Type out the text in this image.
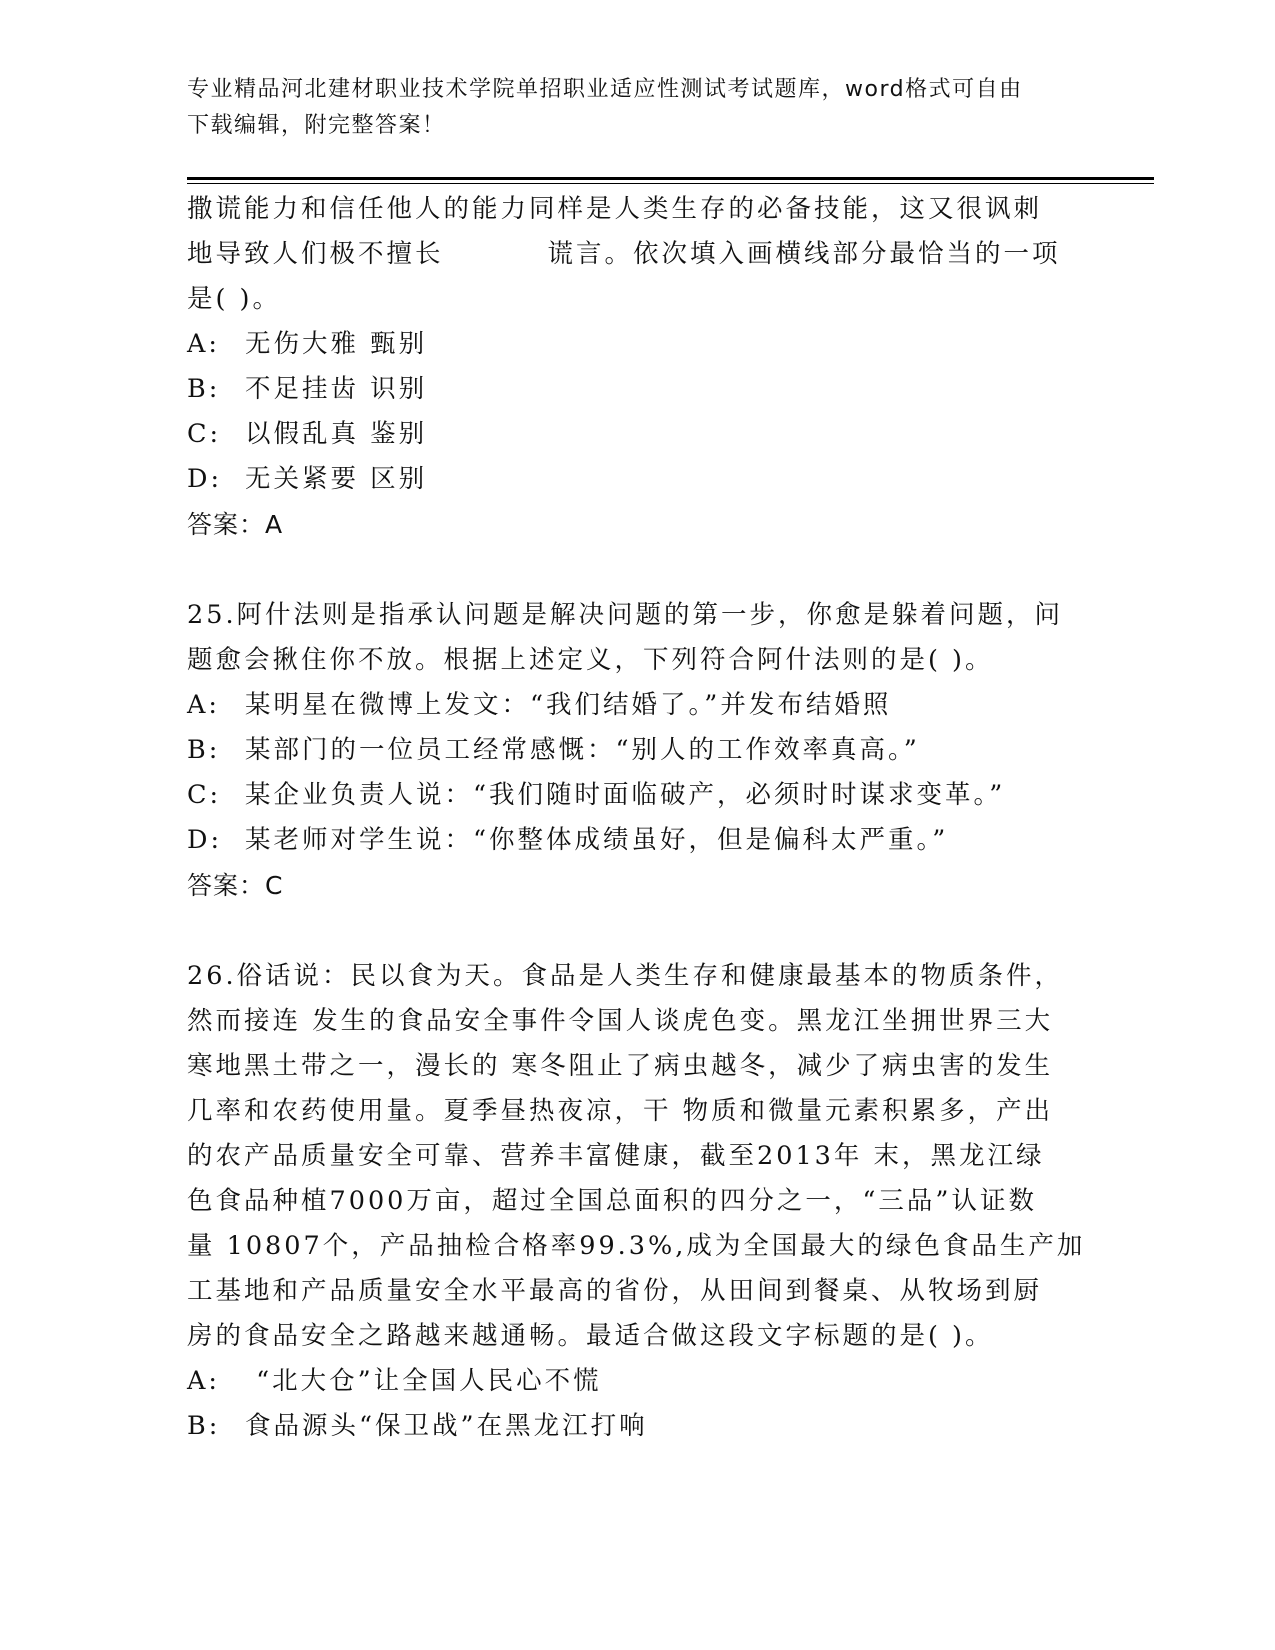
专业精品河北建材职业技术学院单招职业适应性测试考试题库，word格式可自由
下载编辑，附完整答案！
撒谎能力和信任他人的能力同样是人类生存的必备技能，这又很讽刺
地导致人们极不擅长	谎言。依次填入画横线部分最恰当的一项
是( )。
A: 无伤大雅 甄别
B: 不足挂齿 识别
C: 以假乱真 鉴别
D: 无关紧要 区别
答案：A
25.阿什法则是指承认问题是解决问题的第一步，你愈是躲着问题，问
题愈会揪住你不放。根据上述定义，下列符合阿什法则的是( )。
A: 某明星在微博上发文：“我们结婚了。”并发布结婚照
B: 某部门的一位员工经常感慨：“别人的工作效率真高。”
C: 某企业负责人说：“我们随时面临破产，必须时时谋求变革。”
D: 某老师对学生说：“你整体成绩虽好，但是偏科太严重。”
答案：C
26.俗话说：民以食为天。食品是人类生存和健康最基本的物质条件，
然而接连 发生的食品安全事件令国人谈虎色变。黑龙江坐拥世界三大
寒地黑土带之一，漫长的 寒冬阻止了病虫越冬，减少了病虫害的发生
几率和农药使用量。夏季昼热夜凉，干 物质和微量元素积累多，产出
的农产品质量安全可靠、营养丰富健康，截至2013年 末，黑龙江绿
色食品种植7000万亩，超过全国总面积的四分之一，“三品”认证数
量 10807个，产品抽检合格率99.3%,成为全国最大的绿色食品生产加
工基地和产品质量安全水平最高的省份，从田间到餐桌、从牧场到厨
房的食品安全之路越来越通畅。最适合做这段文字标题的是( )。
A: “北大仓”让全国人民心不慌
B: 食品源头“保卫战”在黑龙江打响
